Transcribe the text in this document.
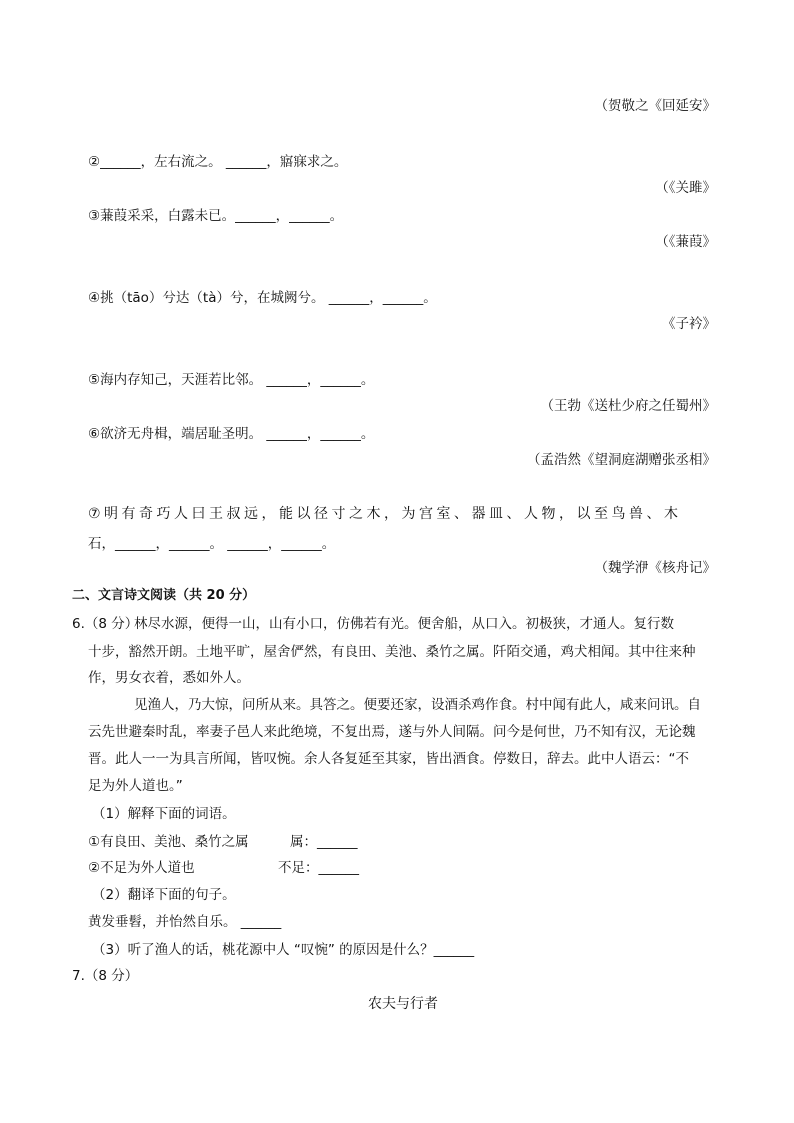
（贺敬之《回延安》
②______，左右流之。 ______，寤寐求之。
（《关雎》
③蒹葭采采，白露未已。______，______。
（《蒹葭》
④挑（tāo）兮达（tà）兮，在城阙兮。 ______，______。
《子衿》
⑤海内存知己，天涯若比邻。 ______，______。
（王勃《送杜少府之任蜀州》
⑥欲济无舟楫，端居耻圣明。 ______，______。
（孟浩然《望洞庭湖赠张丞相》
⑦明有奇巧人曰王叔远，能以径寸之木，为宫室、器皿、人物，以至鸟兽、木
石，______，______。 ______，______。
（魏学洢《核舟记》
二、文言诗文阅读（共 20 分）
6.（8 分）
林尽水源，便得一山，山有小口，仿佛若有光。便舍船，从口入。初极狭，才通人。复行数
十步，豁然开朗。土地平旷，屋舍俨然，有良田、美池、桑竹之属。阡陌交通，鸡犬相闻。其中往来种
作，男女衣着，悉如外人。
见渔人，乃大惊，问所从来。具答之。便要还家，设酒杀鸡作食。村中闻有此人，咸来问讯。自
云先世避秦时乱，率妻子邑人来此绝境，不复出焉，遂与外人间隔。问今是何世，乃不知有汉，无论魏
晋。此人一一为具言所闻，皆叹惋。余人各复延至其家，皆出酒食。停数日，辞去。此中人语云：“不
足为外人道也。”
（1）解释下面的词语。
①有良田、美池、桑竹之属	属：______
②不足为外人道也	不足：______
（2）翻译下面的句子。
黄发垂髫，并怡然自乐。 ______
（3）听了渔人的话，桃花源中人 “叹惋” 的原因是什么？______
7.（8 分）
农夫与行者
